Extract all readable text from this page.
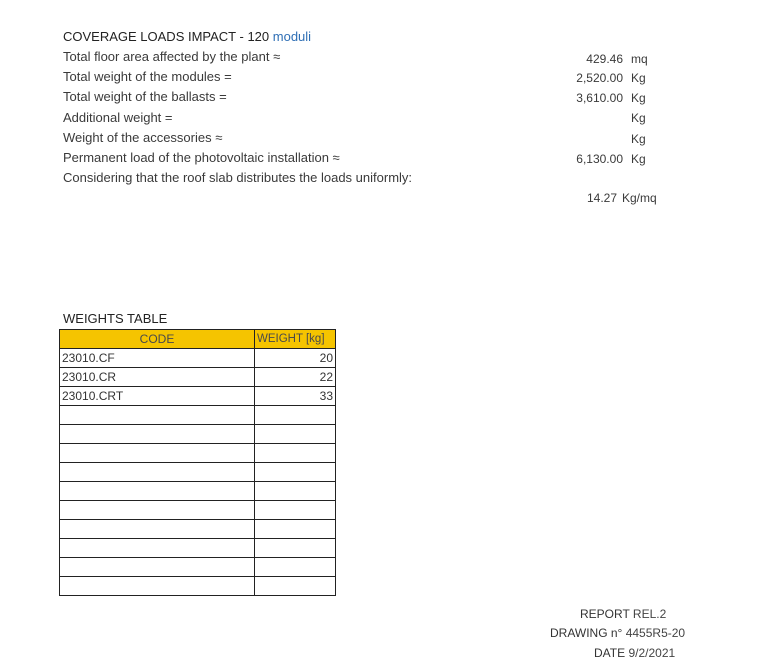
COVERAGE LOADS IMPACT - 120 moduli
Total floor area affected by the plant ≈	429.46 mq
Total weight of the modules =	2,520.00 Kg
Total weight of the ballasts =	3,610.00 Kg
Additional weight =	Kg
Weight of the accessories ≈	Kg
Permanent load of the photovoltaic installation ≈	6,130.00 Kg
Considering that the roof slab distributes the loads uniformly:
14.27 Kg/mq
WEIGHTS TABLE
CODE	WEIGHT [kg]
23010.CF	20
23010.CR	22
23010.CRT	33

REPORT REL.2
DRAWING n° 4455R5-20
DATE 9/2/2021
